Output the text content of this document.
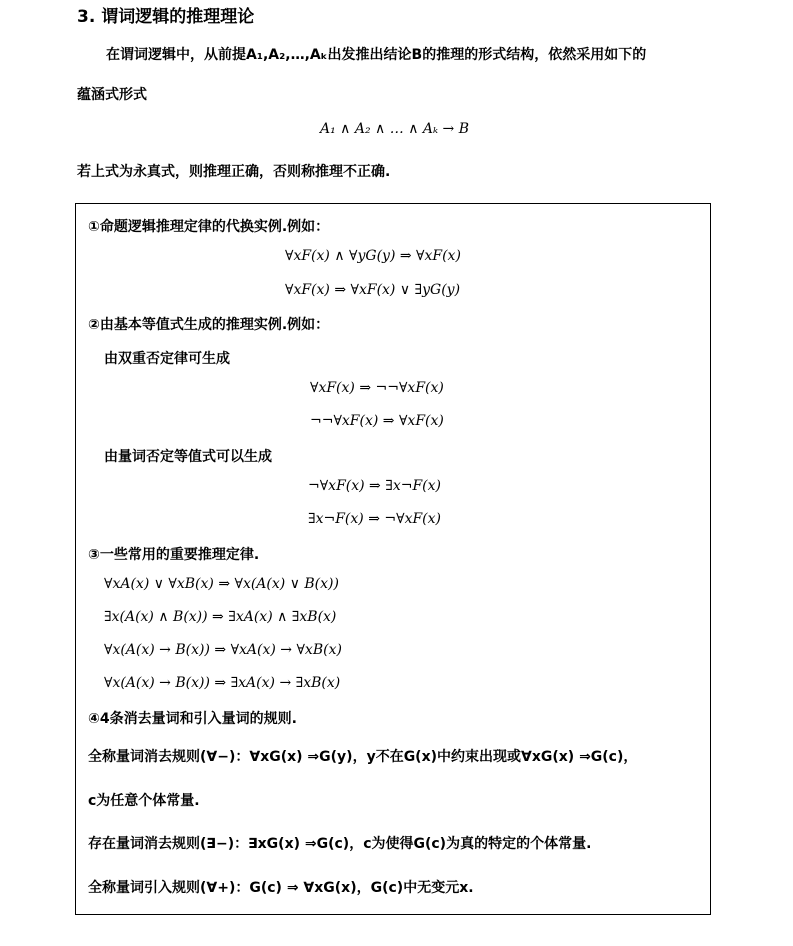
3. 谓词逻辑的推理理论
在谓词逻辑中，从前提A₁,A₂,…,Aₖ出发推出结论B的推理的形式结构，依然采用如下的
蕴涵式形式
A₁ ∧ A₂ ∧ … ∧ Aₖ → B
若上式为永真式，则推理正确，否则称推理不正确.
①命题逻辑推理定律的代换实例.例如：
∀xF(x) ∧ ∀yG(y) ⇒ ∀xF(x)
∀xF(x) ⇒ ∀xF(x) ∨ ∃yG(y)
②由基本等值式生成的推理实例.例如：
由双重否定律可生成
∀xF(x) ⇒ ¬¬∀xF(x)
¬¬∀xF(x) ⇒ ∀xF(x)
由量词否定等值式可以生成
¬∀xF(x) ⇒ ∃x¬F(x)
∃x¬F(x) ⇒ ¬∀xF(x)
③一些常用的重要推理定律.
∀xA(x) ∨ ∀xB(x) ⇒ ∀x(A(x) ∨ B(x))
∃x(A(x) ∧ B(x)) ⇒ ∃xA(x) ∧ ∃xB(x)
∀x(A(x) → B(x)) ⇒ ∀xA(x) → ∀xB(x)
∀x(A(x) → B(x)) ⇒ ∃xA(x) → ∃xB(x)
④4条消去量词和引入量词的规则.
全称量词消去规则(∀−)：∀xG(x) ⇒G(y)，y不在G(x)中约束出现或∀xG(x) ⇒G(c)，
c为任意个体常量.
存在量词消去规则(∃−)：∃xG(x) ⇒G(c)，c为使得G(c)为真的特定的个体常量.
全称量词引入规则(∀+)：G(c) ⇒ ∀xG(x)，G(c)中无变元x.
